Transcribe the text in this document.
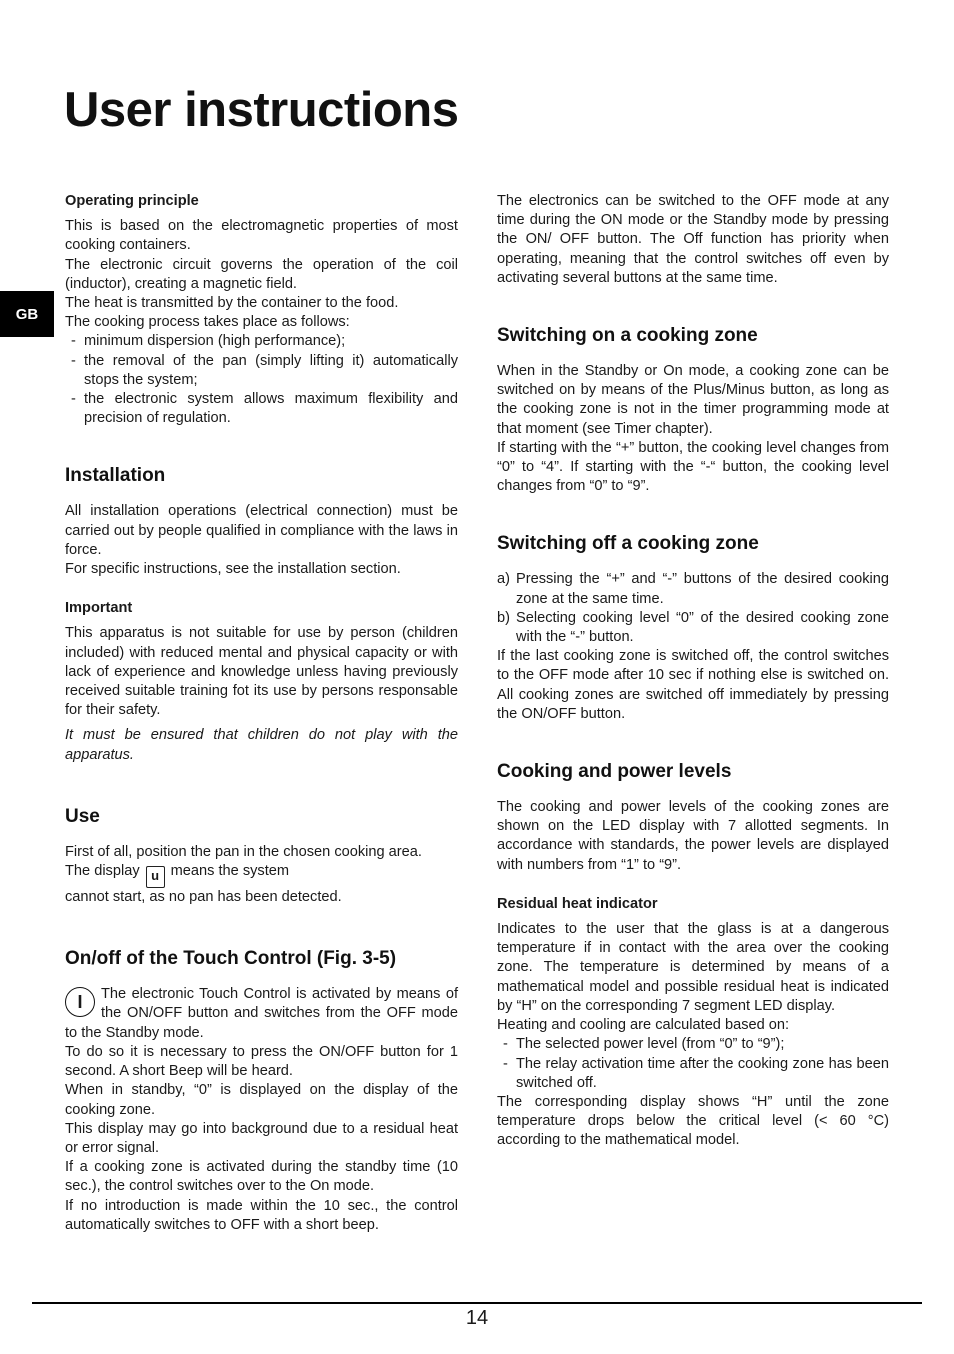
User instructions
GB
Operating principle

This is based on the electromagnetic properties of most cooking containers.

The electronic circuit governs the operation of the coil (inductor), creating a magnetic field.

The heat is transmitted by the container to the food.

The cooking process takes place as follows:

- minimum dispersion (high performance);
- the removal of the pan (simply lifting it) automatically stops the system;
- the electronic system allows maximum flexibility and precision of regulation.
Installation

All installation operations (electrical connection) must be carried out by people qualified in compliance with the laws in force.

For specific instructions, see the installation section.

Important

This apparatus is not suitable for use by person (children included) with reduced mental and physical capacity or with lack of experience and knowledge unless having previously received suitable training fot its use by persons responsable for their safety.

It must be ensured that children do not play with the apparatus.

Use

First of all, position the pan in the chosen cooking area.

The display u means the system

cannot start, as no pan has been detected.

On/off of the Touch Control (Fig. 3-5)

I	The electronic Touch Control is activated by means of the ON/OFF button and switches from the OFF mode to the Standby mode.

To do so it is necessary to press the ON/OFF button for 1 second. A short Beep will be heard.

When in standby, “0” is displayed on the display of the cooking zone.

This display may go into background due to a residual heat or error signal.

If a cooking zone is activated during the standby time (10 sec.), the control switches over to the On mode.

If no introduction is made within the 10 sec., the control automatically switches to OFF with a short beep.

The electronics can be switched to the OFF mode at any time during the ON mode or the Standby mode by pressing the ON/ OFF button. The Off function has priority when operating, meaning that the control switches off even by activating several buttons at the same time.

Switching on a cooking zone

When in the Standby or On mode, a cooking zone can be switched on by means of the Plus/Minus button, as long as the cooking zone is not in the timer programming mode at that moment (see Timer chapter).

If starting with the “+” button, the cooking level changes from “0” to “4”. If starting with the “-“ button, the cooking level changes from “0” to “9”.

Switching off a cooking zone
a) Pressing the “+” and “-” buttons of the desired cooking zone at the same time.
b) Selecting cooking level “0” of the desired cooking zone with the “-” button.

If the last cooking zone is switched off, the control switches to the OFF mode after 10 sec if nothing else is switched on. All cooking zones are switched off immediately by pressing the ON/OFF button.

Cooking and power levels

The cooking and power levels of the cooking zones are shown on the LED display with 7 allotted segments. In accordance with standards, the power levels are displayed with numbers from “1” to “9”.

Residual heat indicator

Indicates to the user that the glass is at a dangerous temperature if in contact with the area over the cooking zone. The temperature is determined by means of a mathematical model and possible residual heat is indicated by “H” on the corresponding 7 segment LED display.

Heating and cooling are calculated based on:

- The selected power level (from “0” to “9”);
- The relay activation time after the cooking zone has been switched off.

The corresponding display shows “H” until the zone temperature drops below the critical level (< 60 °C) according to the mathematical model.

14
